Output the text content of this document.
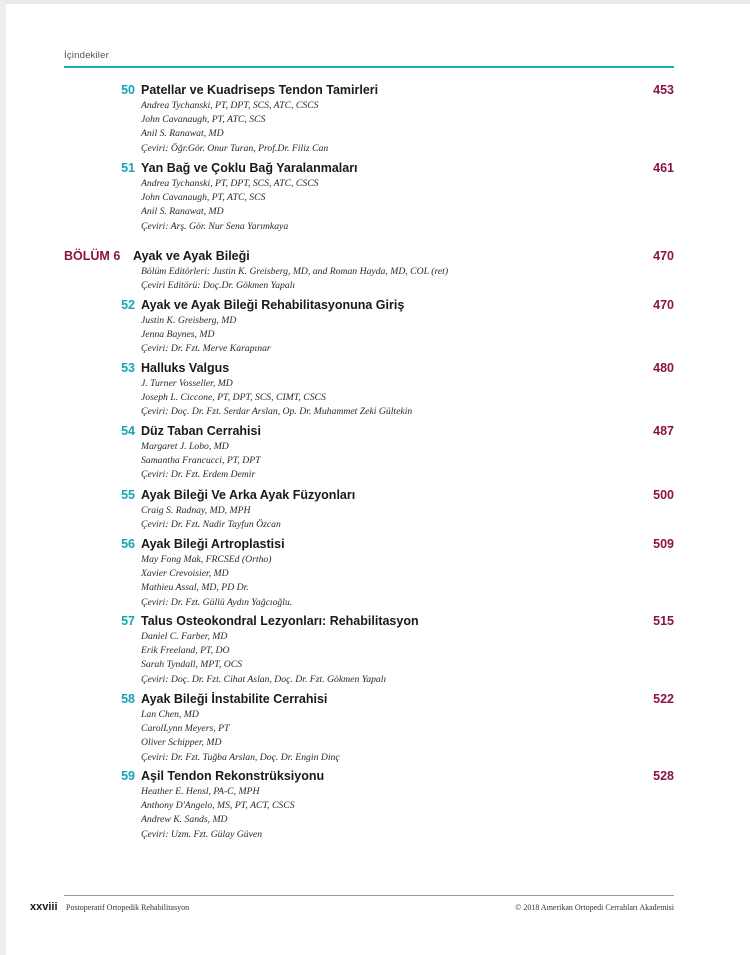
İçindekiler
50 Patellar ve Kuadriseps Tendon Tamirleri	453
Andrea Tychanski, PT, DPT, SCS, ATC, CSCS
John Cavanaugh, PT, ATC, SCS
Anil S. Ranawat, MD
Çeviri: Öğr.Gör. Onur Turan, Prof.Dr. Filiz Can
51 Yan Bağ ve Çoklu Bağ Yaralanmaları	461
Andrea Tychanski, PT, DPT, SCS, ATC, CSCS
John Cavanaugh, PT, ATC, SCS
Anil S. Ranawat, MD
Çeviri: Arş. Gör. Nur Sena Yarımkaya
BÖLÜM 6 Ayak ve Ayak Bileği	470
Bölüm Editörleri: Justin K. Greisberg, MD, and Roman Hayda, MD, COL (ret)
Çeviri Editörü: Doç.Dr. Gökmen Yapalı
52 Ayak ve Ayak Bileği Rehabilitasyonuna Giriş	470
Justin K. Greisberg, MD
Jenna Baynes, MD
Çeviri: Dr. Fzt. Merve Karapınar
53 Halluks Valgus	480
J. Turner Vosseller, MD
Joseph L. Ciccone, PT, DPT, SCS, CIMT, CSCS
Çeviri: Doç. Dr. Fzt. Serdar Arslan, Op. Dr. Muhammet Zeki Gültekin
54 Düz Taban Cerrahisi	487
Margaret J. Lobo, MD
Samantha Francucci, PT, DPT
Çeviri: Dr. Fzt. Erdem Demir
55 Ayak Bileği Ve Arka Ayak Füzyonları	500
Craig S. Radnay, MD, MPH
Çeviri: Dr. Fzt. Nadir Tayfun Özcan
56 Ayak Bileği Artroplastisi	509
May Fong Mak, FRCSEd (Ortho)
Xavier Crevoisier, MD
Mathieu Assal, MD, PD Dr.
Çeviri: Dr. Fzt. Güllü Aydın Yağcıoğlu.
57 Talus Osteokondral Lezyonları: Rehabilitasyon	515
Daniel C. Farber, MD
Erik Freeland, PT, DO
Sarah Tyndall, MPT, OCS
Çeviri: Doç. Dr. Fzt. Cihat Aslan, Doç. Dr. Fzt. Gökmen Yapalı
58 Ayak Bileği İnstabilite Cerrahisi	522
Lan Chen, MD
CarolLynn Meyers, PT
Oliver Schipper, MD
Çeviri: Dr. Fzt. Tuğba Arslan, Doç. Dr. Engin Dinç
59 Aşil Tendon Rekonstrüksiyonu	528
Heather E. Hensl, PA-C, MPH
Anthony D'Angelo, MS, PT, ACT, CSCS
Andrew K. Sands, MD
Çeviri: Uzm. Fzt. Gülay Güven
xxviii Postoperatif Ortopedik Rehabilitasyon	© 2018 Amerikan Ortopedi Cerrahları Akademisi
